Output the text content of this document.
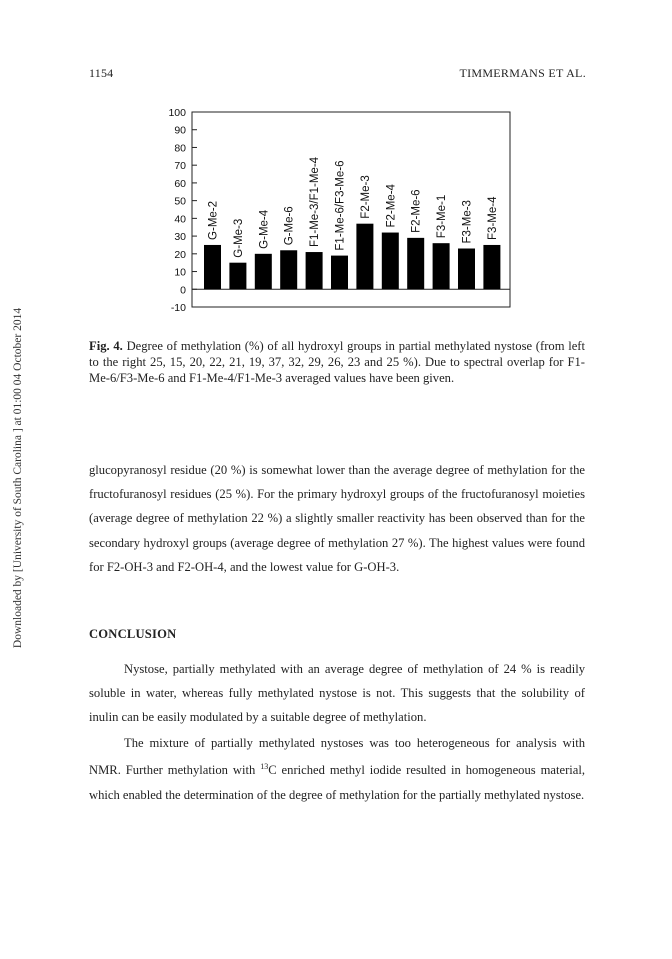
1154	TIMMERMANS ET AL.
Downloaded by [University of South Carolina ] at 01:00 04 October 2014
100
90
80
70
60
50
40
30
20
10
0
-10
G-Me-2 G-Me-3 G-Me-4 G-Me-6 F1-Me-3/F1-Me-4 F1-Me-6/F3-Me-6 F2-Me-3 F2-Me-4 F2-Me-6 F3-Me-1 F3-Me-3 F3-Me-4
Fig. 4. Degree of methylation (%) of all hydroxyl groups in partial methylated nystose (from left to the right 25, 15, 20, 22, 21, 19, 37, 32, 29, 26, 23 and 25 %). Due to spectral overlap for F1-Me-6/F3-Me-6 and F1-Me-4/F1-Me-3 averaged values have been given.
glucopyranosyl residue (20 %) is somewhat lower than the average degree of methylation for the fructofuranosyl residues (25 %). For the primary hydroxyl groups of the fructofuranosyl moieties (average degree of methylation 22 %) a slightly smaller reactivity has been observed than for the secondary hydroxyl groups (average degree of methylation 27 %). The highest values were found for F2-OH-3 and F2-OH-4, and the lowest value for G-OH-3.
CONCLUSION
Nystose, partially methylated with an average degree of methylation of 24 % is readily soluble in water, whereas fully methylated nystose is not. This suggests that the solubility of inulin can be easily modulated by a suitable degree of methylation.
The mixture of partially methylated nystoses was too heterogeneous for analysis with NMR. Further methylation with $^{13}$C enriched methyl iodide resulted in homogeneous material, which enabled the determination of the degree of methylation for the partially methylated nystose.
